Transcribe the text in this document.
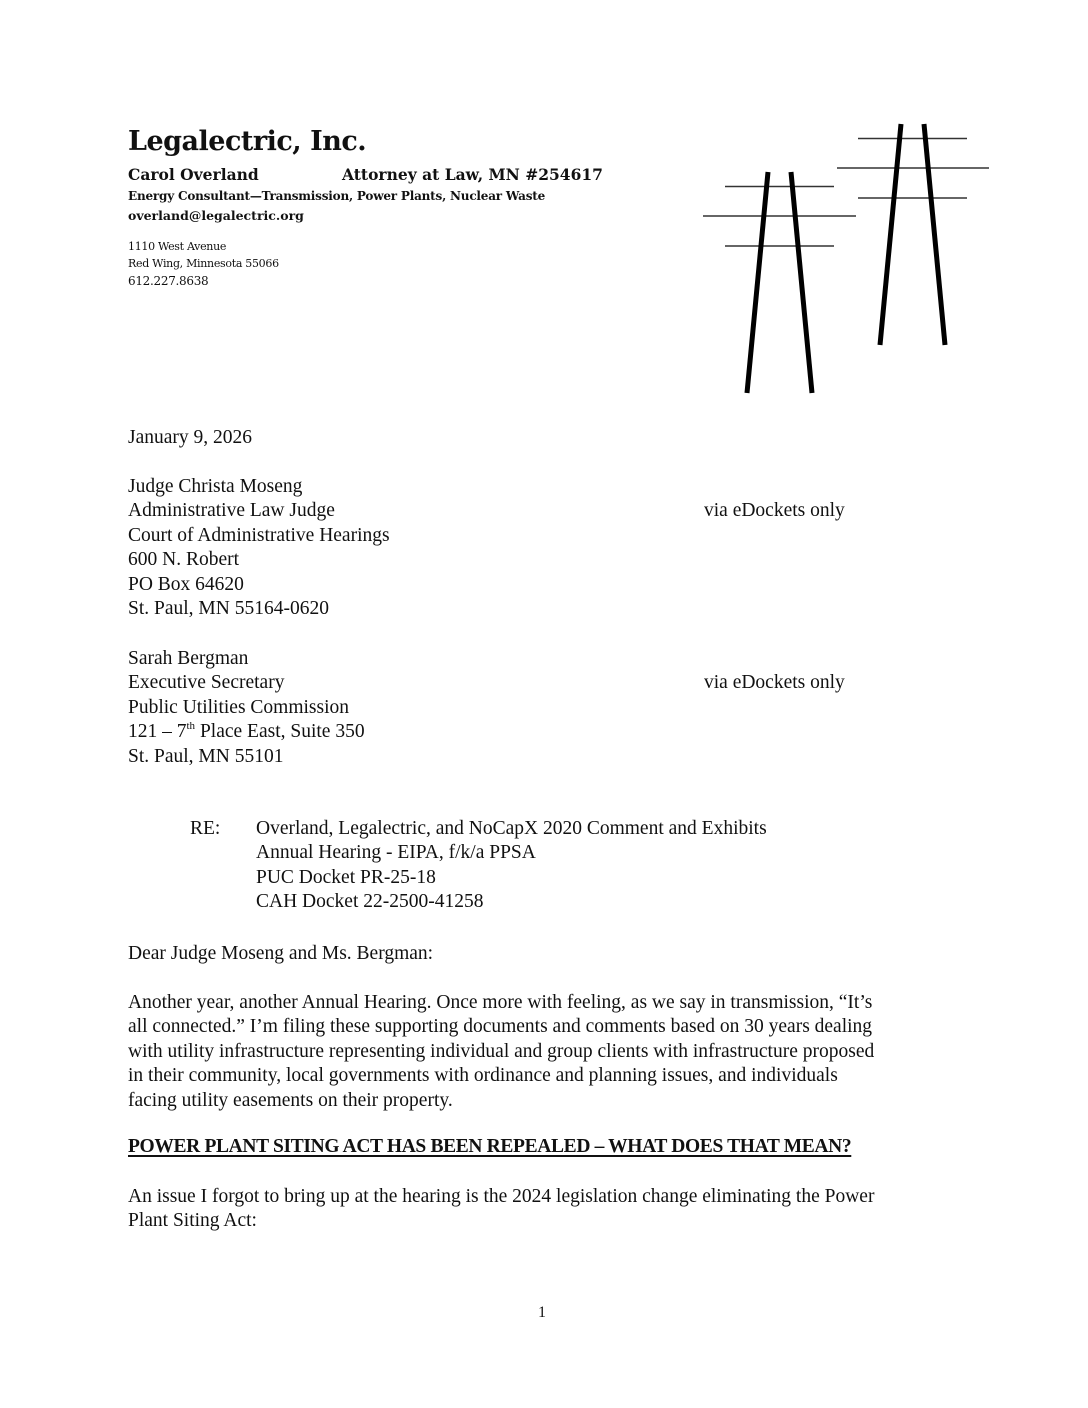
Legalectric, Inc.
Carol Overland	Attorney at Law, MN #254617
Energy Consultant—Transmission, Power Plants, Nuclear Waste
overland@legalectric.org
1110 West Avenue
Red Wing, Minnesota 55066
612.227.8638
January 9, 2026
Judge Christa Moseng
Administrative Law Judge
Court of Administrative Hearings
600 N. Robert
PO Box 64620
St. Paul, MN 55164-0620
via eDockets only
Sarah Bergman
Executive Secretary
Public Utilities Commission
121 – 7th Place East, Suite 350
St. Paul, MN 55101
via eDockets only
RE: Overland, Legalectric, and NoCapX 2020 Comment and Exhibits
Annual Hearing - EIPA, f/k/a PPSA
PUC Docket PR-25-18
CAH Docket 22-2500-41258
Dear Judge Moseng and Ms. Bergman:
Another year, another Annual Hearing. Once more with feeling, as we say in transmission, “It’s
all connected.” I’m filing these supporting documents and comments based on 30 years dealing
with utility infrastructure representing individual and group clients with infrastructure proposed
in their community, local governments with ordinance and planning issues, and individuals
facing utility easements on their property.
POWER PLANT SITING ACT HAS BEEN REPEALED – WHAT DOES THAT MEAN?
An issue I forgot to bring up at the hearing is the 2024 legislation change eliminating the Power
Plant Siting Act:
1
